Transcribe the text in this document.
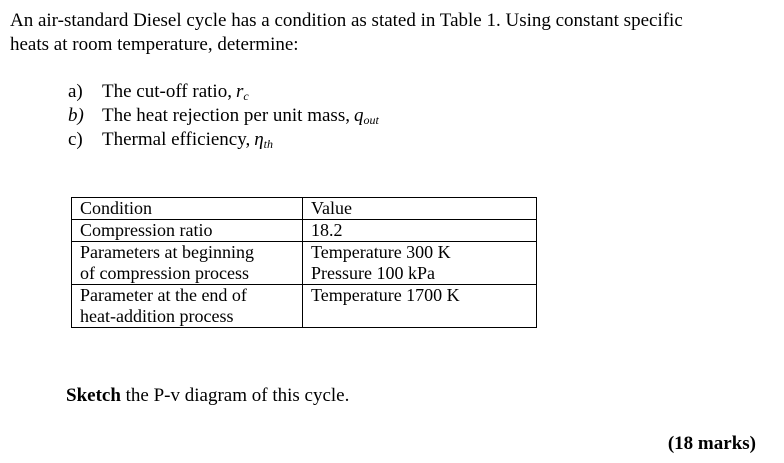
An air-standard Diesel cycle has a condition as stated in Table 1. Using constant specific
heats at room temperature, determine:
a)	The cut-off ratio, r c
b) The heat rejection per unit mass, q out
c)	Thermal efficiency, η th
Condition	Value

Compression ratio	18.2

Parameters at beginning
of compression process	Temperature 300 K
Pressure 100 kPa

Parameter at the end of
heat-addition process	Temperature 1700 K
Sketch the P-v diagram of this cycle.
(18 marks)
